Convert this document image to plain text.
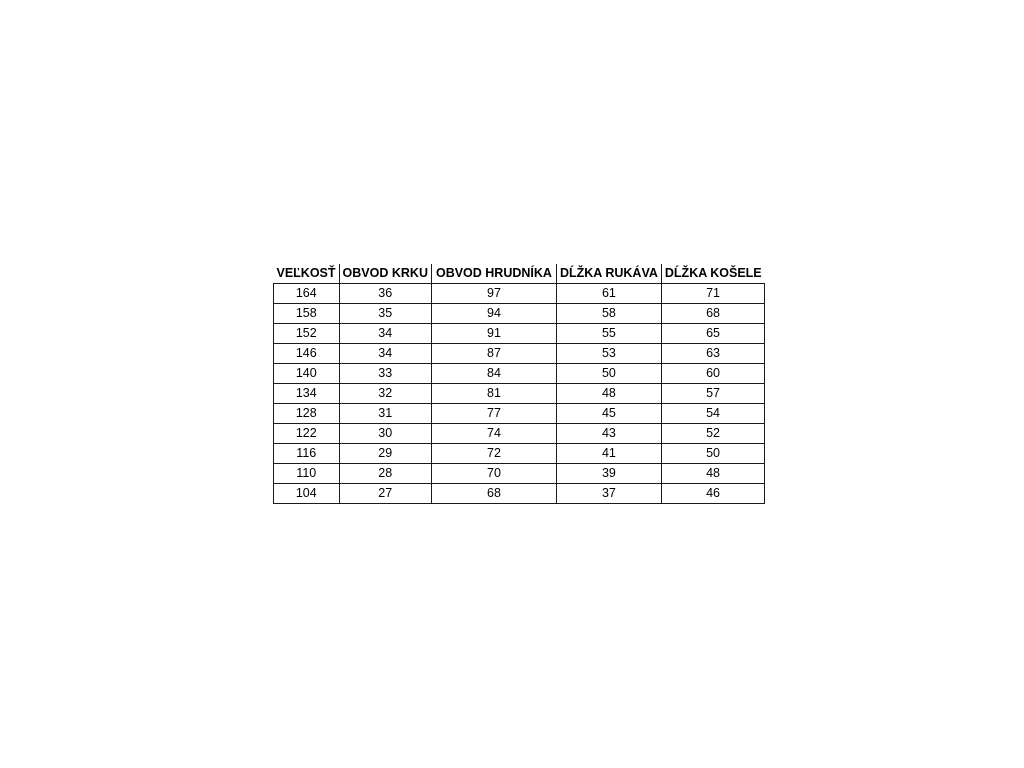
VEĽKOSŤ	OBVOD KRKU	OBVOD HRUDNÍKA	DĹŽKA RUKÁVA	DĹŽKA KOŠELE
164	36	97	61	71
158	35	94	58	68
152	34	91	55	65
146	34	87	53	63
140	33	84	50	60
134	32	81	48	57
128	31	77	45	54
122	30	74	43	52
116	29	72	41	50
110	28	70	39	48
104	27	68	37	46
